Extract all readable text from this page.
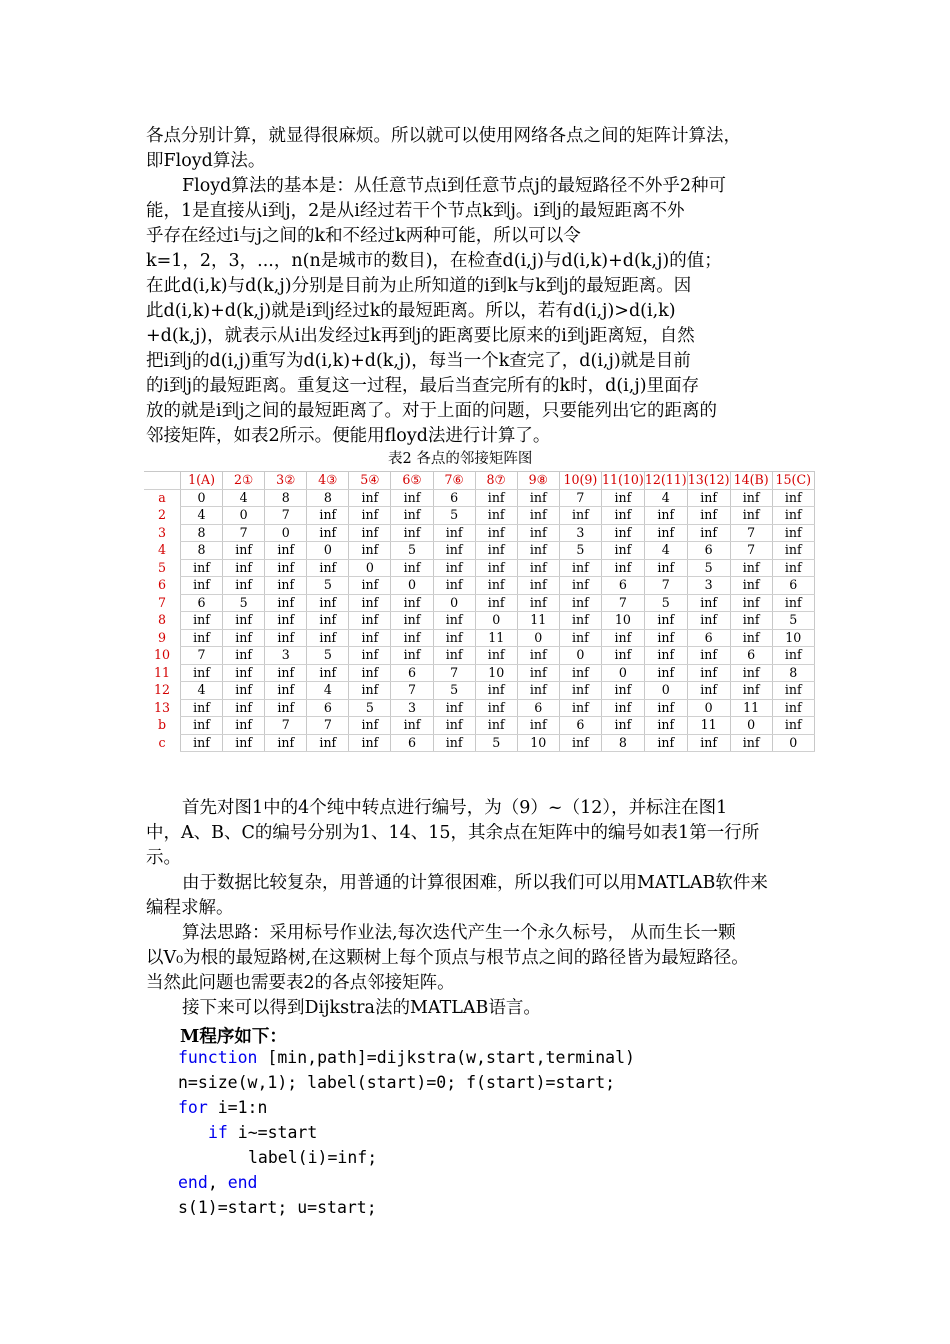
各点分别计算，就显得很麻烦。所以就可以使用网络各点之间的矩阵计算法，
即Floyd算法。
Floyd算法的基本是：从任意节点i到任意节点j的最短路径不外乎2种可
能，1是直接从i到j，2是从i经过若干个节点k到j。i到j的最短距离不外
乎存在经过i与j之间的k和不经过k两种可能，所以可以令
k=1，2，3，...，n(n是城市的数目)，在检查d(i,j)与d(i,k)+d(k,j)的值；
在此d(i,k)与d(k,j)分别是目前为止所知道的i到k与k到j的最短距离。因
此d(i,k)+d(k,j)就是i到j经过k的最短距离。所以，若有d(i,j)>d(i,k)
+d(k,j)，就表示从i出发经过k再到j的距离要比原来的i到j距离短，自然
把i到j的d(i,j)重写为d(i,k)+d(k,j)，每当一个k查完了，d(i,j)就是目前
的i到j的最短距离。重复这一过程，最后当查完所有的k时，d(i,j)里面存
放的就是i到j之间的最短距离了。对于上面的问题，只要能列出它的距离的
邻接矩阵，如表2所示。便能用floyd法进行计算了。
表2 各点的邻接矩阵图
	1(A)	2①	3②	4③	5④	6⑤	7⑥	8⑦	9⑧	10(9)	11(10)	12(11)	13(12)	14(B)	15(C)
a	0	4	8	8	inf	inf	6	inf	inf	7	inf	4	inf	inf	inf
2	4	0	7	inf	inf	inf	5	inf	inf	inf	inf	inf	inf	inf	inf
3	8	7	0	inf	inf	inf	inf	inf	inf	3	inf	inf	inf	7	inf
4	8	inf	inf	0	inf	5	inf	inf	inf	5	inf	4	6	7	inf
5	inf	inf	inf	inf	0	inf	inf	inf	inf	inf	inf	inf	5	inf	inf
6	inf	inf	inf	5	inf	0	inf	inf	inf	inf	6	7	3	inf	6
7	6	5	inf	inf	inf	inf	0	inf	inf	inf	7	5	inf	inf	inf
8	inf	inf	inf	inf	inf	inf	inf	0	11	inf	10	inf	inf	inf	5
9	inf	inf	inf	inf	inf	inf	inf	11	0	inf	inf	inf	6	inf	10
10	7	inf	3	5	inf	inf	inf	inf	inf	0	inf	inf	inf	6	inf
11	inf	inf	inf	inf	inf	6	7	10	inf	inf	0	inf	inf	inf	8
12	4	inf	inf	4	inf	7	5	inf	inf	inf	inf	0	inf	inf	inf
13	inf	inf	inf	6	5	3	inf	inf	6	inf	inf	inf	0	11	inf
b	inf	inf	7	7	inf	inf	inf	inf	inf	6	inf	inf	11	0	inf
c	inf	inf	inf	inf	inf	6	inf	5	10	inf	8	inf	inf	inf	0
首先对图1中的4个纯中转点进行编号，为（9）~（12），并标注在图1
中，A、B、C的编号分别为1、14、15，其余点在矩阵中的编号如表1第一行所
示。
由于数据比较复杂，用普通的计算很困难，所以我们可以用MATLAB软件来
编程求解。
算法思路：采用标号作业法,每次迭代产生一个永久标号， 从而生长一颗
以V₀为根的最短路树,在这颗树上每个顶点与根节点之间的路径皆为最短路径。
当然此问题也需要表2的各点邻接矩阵。
接下来可以得到Dijkstra法的MATLAB语言。
M程序如下：
function [min,path]=dijkstra(w,start,terminal)
n=size(w,1); label(start)=0; f(start)=start;
for i=1:n
if i~=start
label(i)=inf;
end, end
s(1)=start; u=start;
